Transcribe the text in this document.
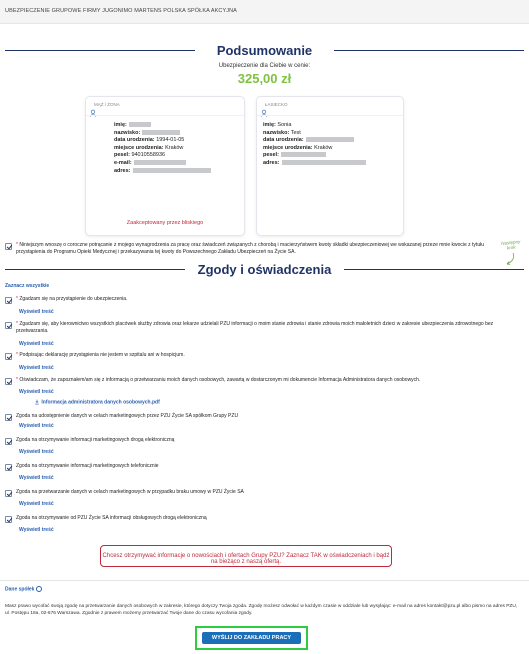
UBEZPIECZENIE GRUPOWE FIRMY JUGONIMO MARTENS POLSKA SPÓŁKA AKCYJNA
Podsumowanie
Ubezpieczenie dla Ciebie w cenie:
325,00 zł
MĄŻ / ŻONA
imię:
nazwisko:
data urodzenia: 1994-01-05
miejsce urodzenia: Kraków
pesel: 94010558936
e-mail:
adres:
Zaakceptowany przez bliskiego
ŁASIECKO
imię: Sonia
nazwisko: Test
data urodzenia:
miejsce urodzenia: Kraków
pesel:
adres:
* Niniejszym wnoszę o coroczne potrącanie z mojego wynagrodzenia za pracę oraz świadczeń związanych z chorobą i macierzyństwem kwoty składki ubezpieczeniowej we wskazanej przeze mnie kwocie z tytułu przystąpienia do Programu Opieki Medycznej i przekazywania tej kwoty do Powszechnego Zakładu Ubezpieczeń na Życie SA.
Następny krok
Zgody i oświadczenia
Zaznacz wszystkie
* Zgadzam się na przystąpienie do ubezpieczenia.
Wyświetl treść
* Zgadzam się, aby kierownictwo wszystkich placówek służby zdrowia oraz lekarze udzielali PZU informacji o moim stanie zdrowia i stanie zdrowia moich małoletnich dzieci w zakresie ubezpieczenia zdrowotnego bez przetwarzania.
Wyświetl treść
* Podpisując deklarację przystąpienia nie jestem w szpitalu ani w hospicjum.
Wyświetl treść
* Oświadczam, że zapoznałem/am się z informacją o przetwarzaniu moich danych osobowych, zawartą w dostarczonym mi dokumencie Informacja Administratora danych osobowych.
Wyświetl treść
Informacja administratora danych osobowych.pdf
Zgoda na udostępnienie danych w celach marketingowych przez PZU Życie SA spółkom Grupy PZU
Wyświetl treść
Zgoda na otrzymywanie informacji marketingowych drogą elektroniczną
Wyświetl treść
Zgoda na otrzymywanie informacji marketingowych telefonicznie
Wyświetl treść
Zgoda na przetwarzanie danych w celach marketingowych w przypadku braku umowy w PZU Życie SA
Wyświetl treść
Zgoda na otrzymywanie od PZU Życie SA informacji obsługowych drogą elektroniczną
Wyświetl treść
Chcesz otrzymywać informacje o nowościach i ofertach Grupy PZU? Zaznacz TAK w oświadczeniach i bądź na bieżąco z naszą ofertą.
Dane spółek
Masz prawo wycofać swoją zgodę na przetwarzanie danych osobowych w zakresie, którego dotyczy Twoja zgoda. Zgodę możesz odwołać w każdym czasie w oddziale lub wysyłając: e-mail na adres kontakt@pzu.pl albo pismo na adres PZU, ul. Postępu 18a, 02-676 Warszawa. Zgodnie z prawem możemy przetwarzać Twoje dane do czasu wycofania zgody.
WYŚLIJ DO ZAKŁADU PRACY
